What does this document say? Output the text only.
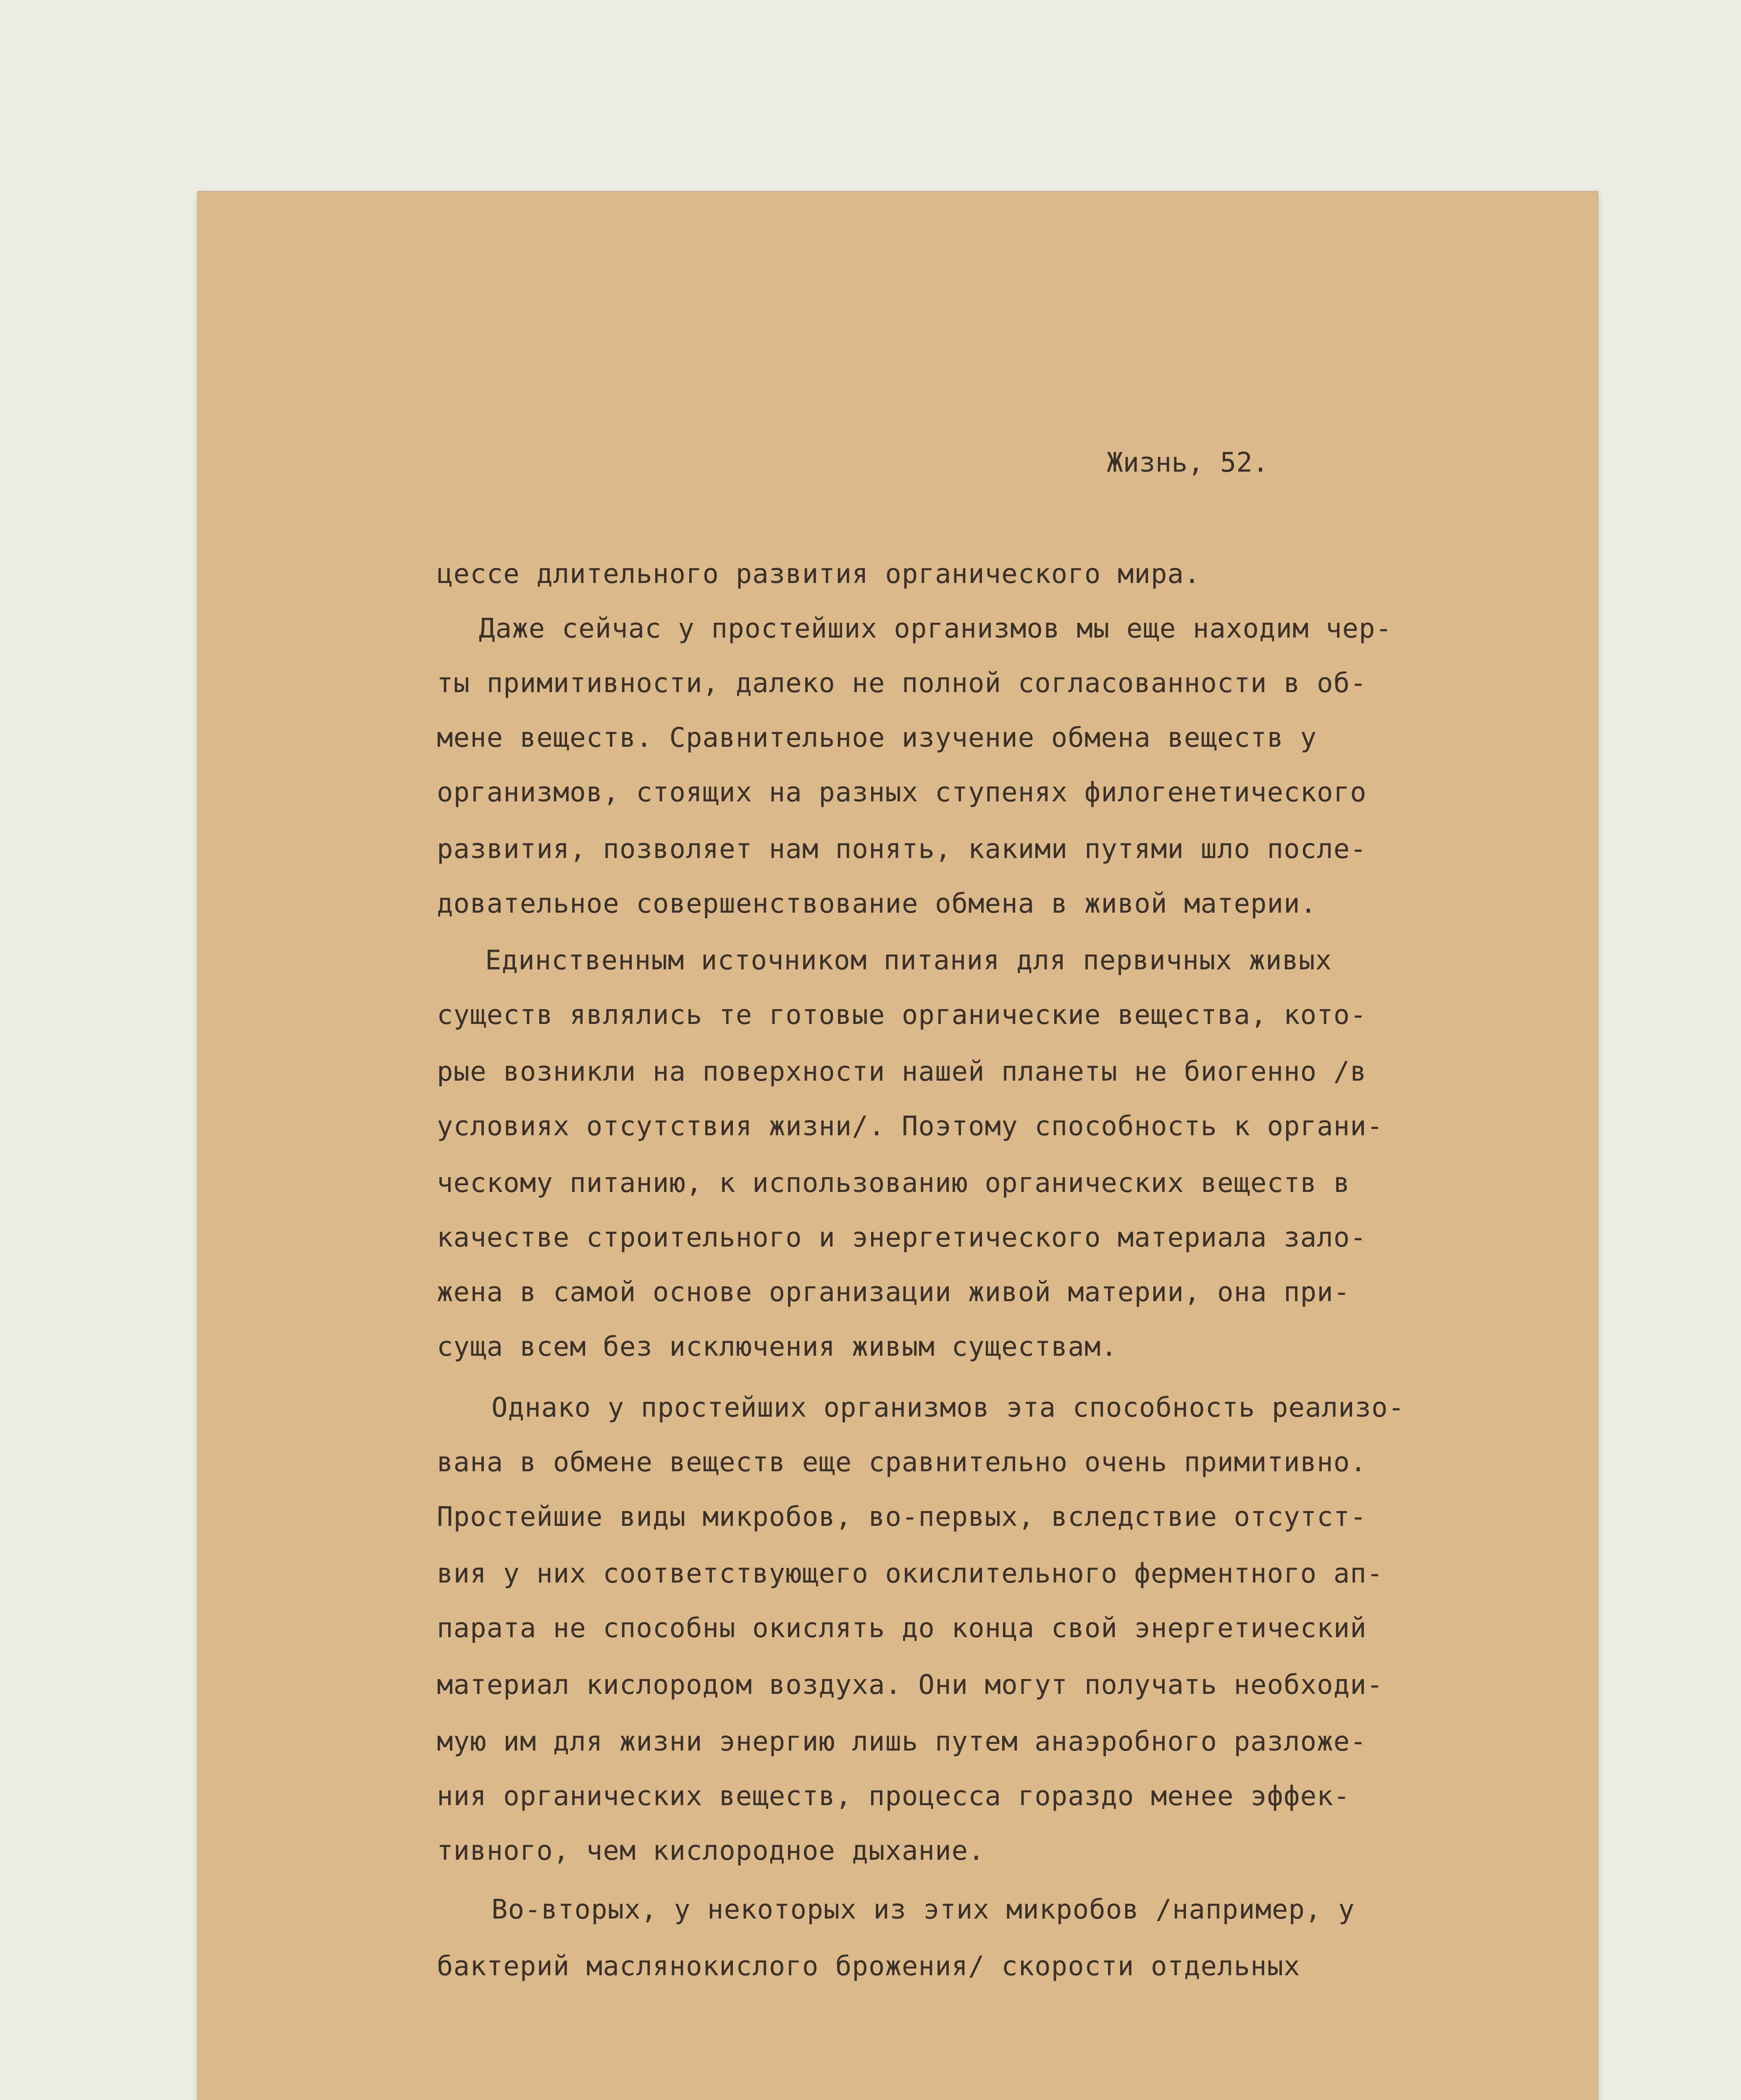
Жизнь, 52.
цессе длительного развития органического мира.
Даже сейчас у простейших организмов мы еще находим чер-
ты примитивности, далеко не полной согласованности в об-
мене веществ. Сравнительное изучение обмена веществ у
организмов, стоящих на разных ступенях филогенетического
развития, позволяет нам понять, какими путями шло после-
довательное совершенствование обмена в живой материи.
Единственным источником питания для первичных живых
существ являлись те готовые органические вещества, кото-
рые возникли на поверхности нашей планеты не биогенно /в
условиях отсутствия жизни/. Поэтому способность к органи-
ческому питанию, к использованию органических веществ в
качестве строительного и энергетического материала зало-
жена в самой основе организации живой материи, она при-
суща всем без исключения живым существам.
Однако у простейших организмов эта способность реализо-
вана в обмене веществ еще сравнительно очень примитивно.
Простейшие виды микробов, во-первых, вследствие отсутст-
вия у них соответствующего окислительного ферментного ап-
парата не способны окислять до конца свой энергетический
материал кислородом воздуха. Они могут получать необходи-
мую им для жизни энергию лишь путем анаэробного разложе-
ния органических веществ, процесса гораздо менее эффек-
тивного, чем кислородное дыхание.
Во-вторых, у некоторых из этих микробов /например, у
бактерий маслянокислого брожения/ скорости отдельных
